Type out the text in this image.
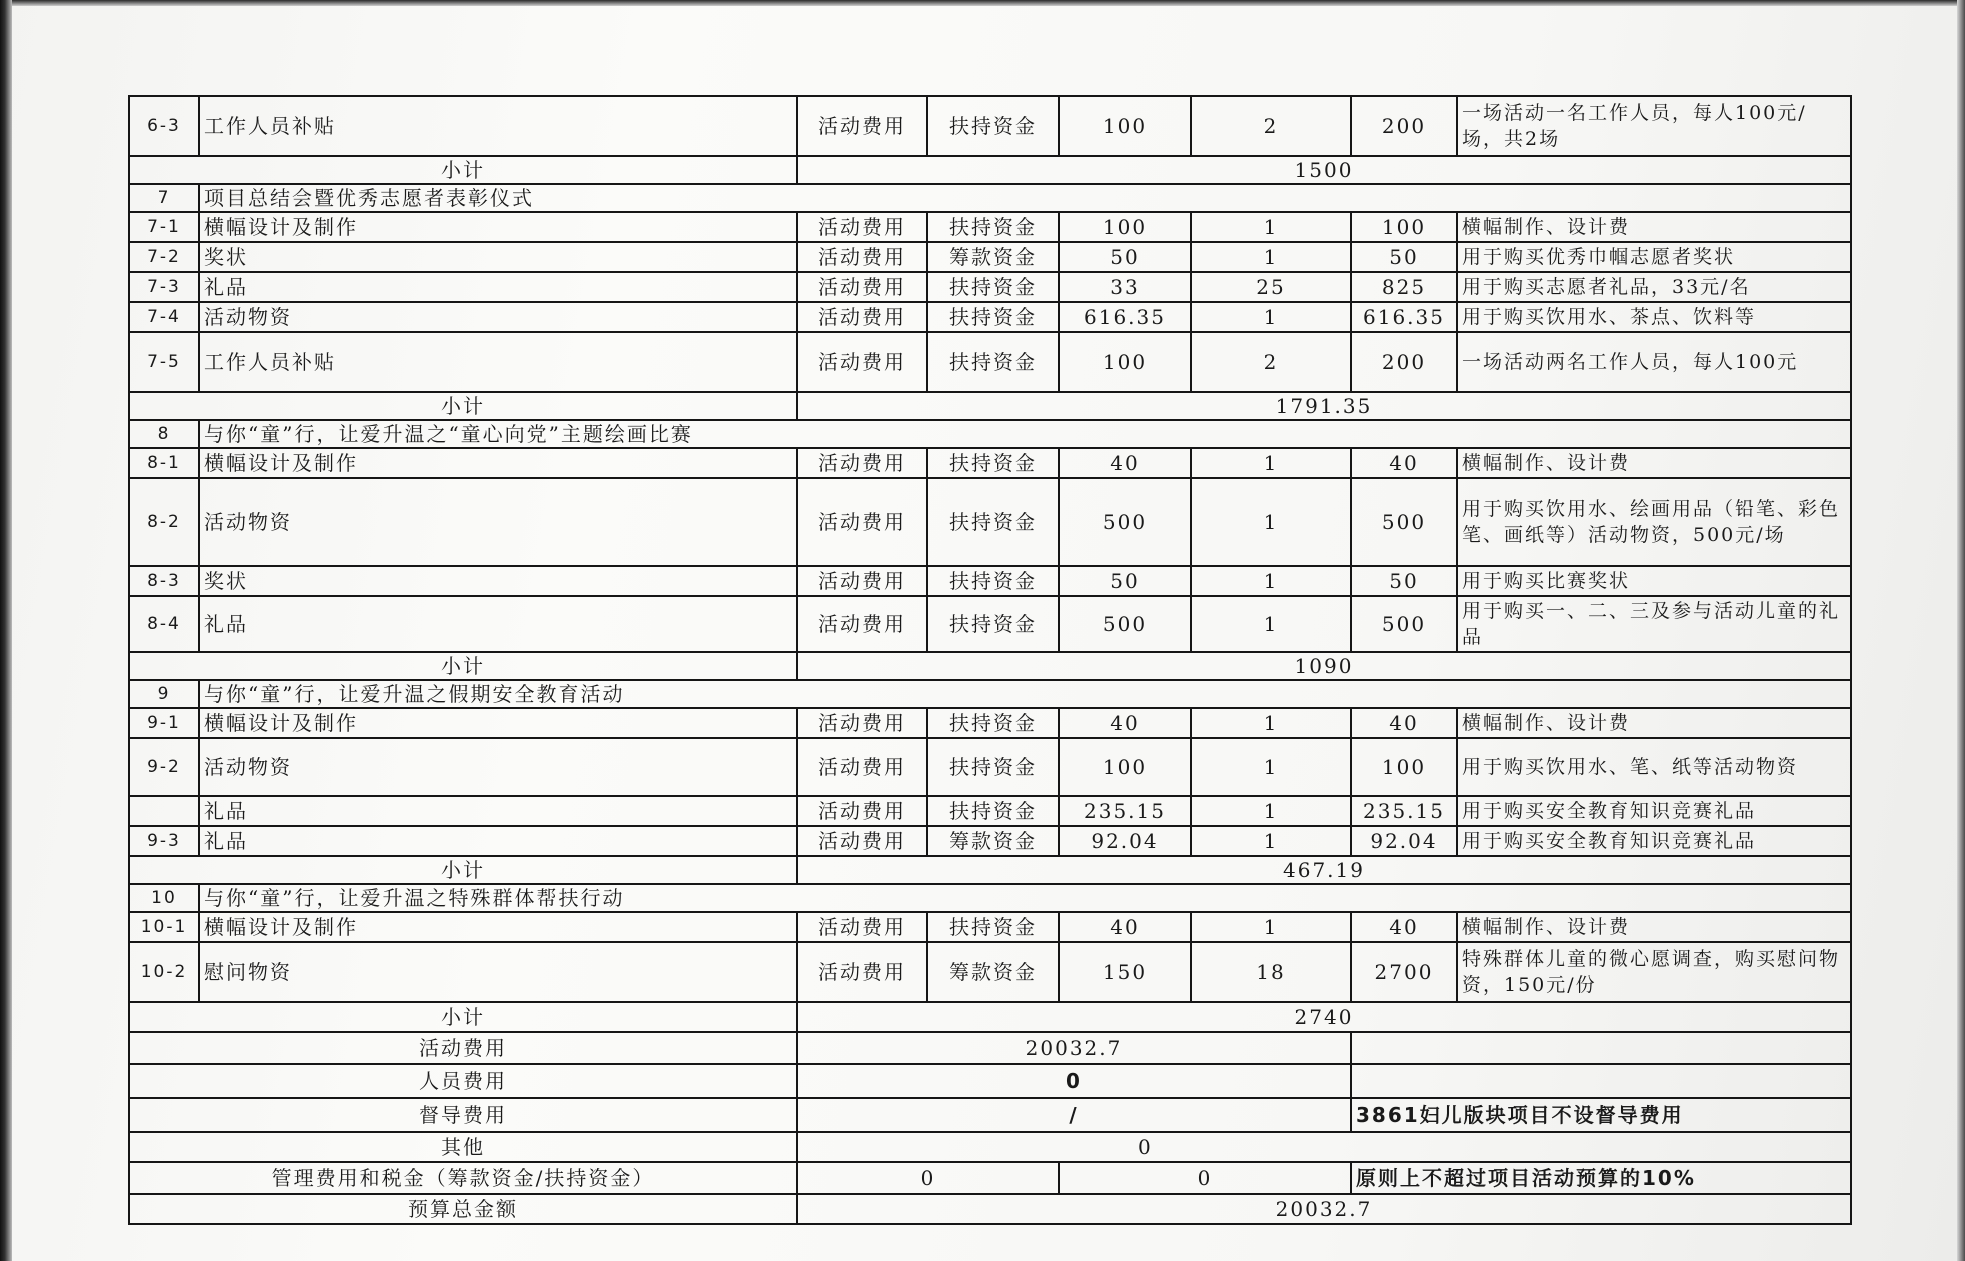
6-3	工作人员补贴	活动费用	扶持资金	100	2	200	一场活动一名工作人员，每人100元/场，共2场
小计		1500					
7	项目总结会暨优秀志愿者表彰仪式						
7-1	横幅设计及制作	活动费用	扶持资金	100	1	100	横幅制作、设计费
7-2	奖状	活动费用	筹款资金	50	1	50	用于购买优秀巾帼志愿者奖状
7-3	礼品	活动费用	扶持资金	33	25	825	用于购买志愿者礼品，33元/名
7-4	活动物资	活动费用	扶持资金	616.35	1	616.35	用于购买饮用水、茶点、饮料等
7-5	工作人员补贴	活动费用	扶持资金	100	2	200	一场活动两名工作人员，每人100元
小计		1791.35					
8	与你“童”行，让爱升温之“童心向党”主题绘画比赛						
8-1	横幅设计及制作	活动费用	扶持资金	40	1	40	横幅制作、设计费
8-2	活动物资	活动费用	扶持资金	500	1	500	用于购买饮用水、绘画用品（铅笔、彩色笔、画纸等）活动物资，500元/场
8-3	奖状	活动费用	扶持资金	50	1	50	用于购买比赛奖状
8-4	礼品	活动费用	扶持资金	500	1	500	用于购买一、二、三及参与活动儿童的礼品
小计		1090					
9	与你“童”行，让爱升温之假期安全教育活动						
9-1	横幅设计及制作	活动费用	扶持资金	40	1	40	横幅制作、设计费
9-2	活动物资	活动费用	扶持资金	100	1	100	用于购买饮用水、笔、纸等活动物资
	礼品	活动费用	扶持资金	235.15	1	235.15	用于购买安全教育知识竞赛礼品
9-3	礼品	活动费用	筹款资金	92.04	1	92.04	用于购买安全教育知识竞赛礼品
小计		467.19					
10	与你“童”行，让爱升温之特殊群体帮扶行动						
10-1	横幅设计及制作	活动费用	扶持资金	40	1	40	横幅制作、设计费
10-2	慰问物资	活动费用	筹款资金	150	18	2700	特殊群体儿童的微心愿调查，购买慰问物资，150元/份
小计		2740					
活动费用		20032.7					
人员费用		0					
督导费用		/				3861妇儿版块项目不设督导费用	
其他		0					
管理费用和税金（筹款资金/扶持资金）		0		0		原则上不超过项目活动预算的10%	
预算总金额		20032.7					
